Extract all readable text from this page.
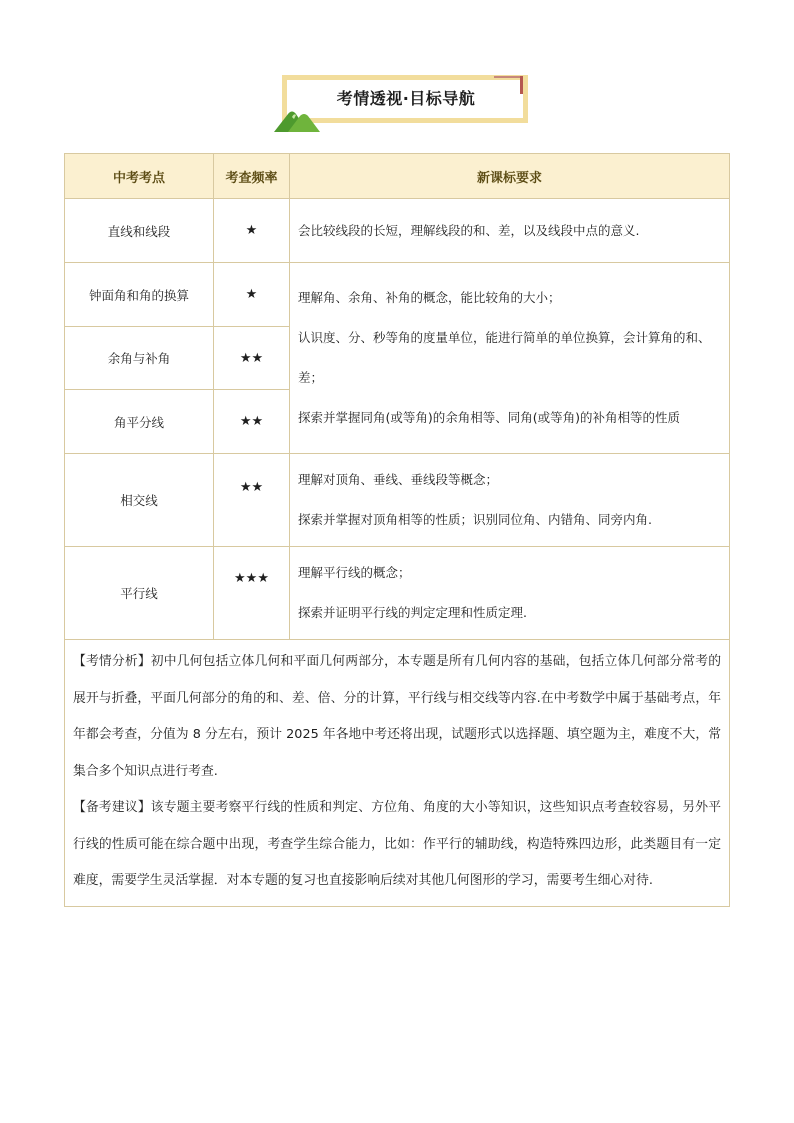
考情透视·目标导航
中考考点	考查频率	新课标要求
直线和线段	★	会比较线段的长短，理解线段的和、差，以及线段中点的意义.

钟面角和角的换算	★	理解角、余角、补角的概念，能比较角的大小；

认识度、分、秒等角的度量单位，能进行简单的单位换算，会计算角的和、差；

探索并掌握同角(或等角)的余角相等、同角(或等角)的补角相等的性质

余角与补角	★★	
角平分线	★★	
相交线	★★	理解对顶角、垂线、垂线段等概念；

探索并掌握对顶角相等的性质；识别同位角、内错角、同旁内角.

平行线	★★★	理解平行线的概念；

探索并证明平行线的判定定理和性质定理.

【考情分析】初中几何包括立体几何和平面几何两部分，本专题是所有几何内容的基础，包括立体几何部分常考的展开与折叠，平面几何部分的角的和、差、倍、分的计算，平行线与相交线等内容.在中考数学中属于基础考点，年年都会考查，分值为 8 分左右，预计 2025 年各地中考还将出现，试题形式以选择题、填空题为主，难度不大，常集合多个知识点进行考查.

【备考建议】该专题主要考察平行线的性质和判定、方位角、角度的大小等知识，这些知识点考查较容易，另外平行线的性质可能在综合题中出现，考查学生综合能力，比如：作平行的辅助线，构造特殊四边形，此类题目有一定难度，需要学生灵活掌握．对本专题的复习也直接影响后续对其他几何图形的学习，需要考生细心对待.		
